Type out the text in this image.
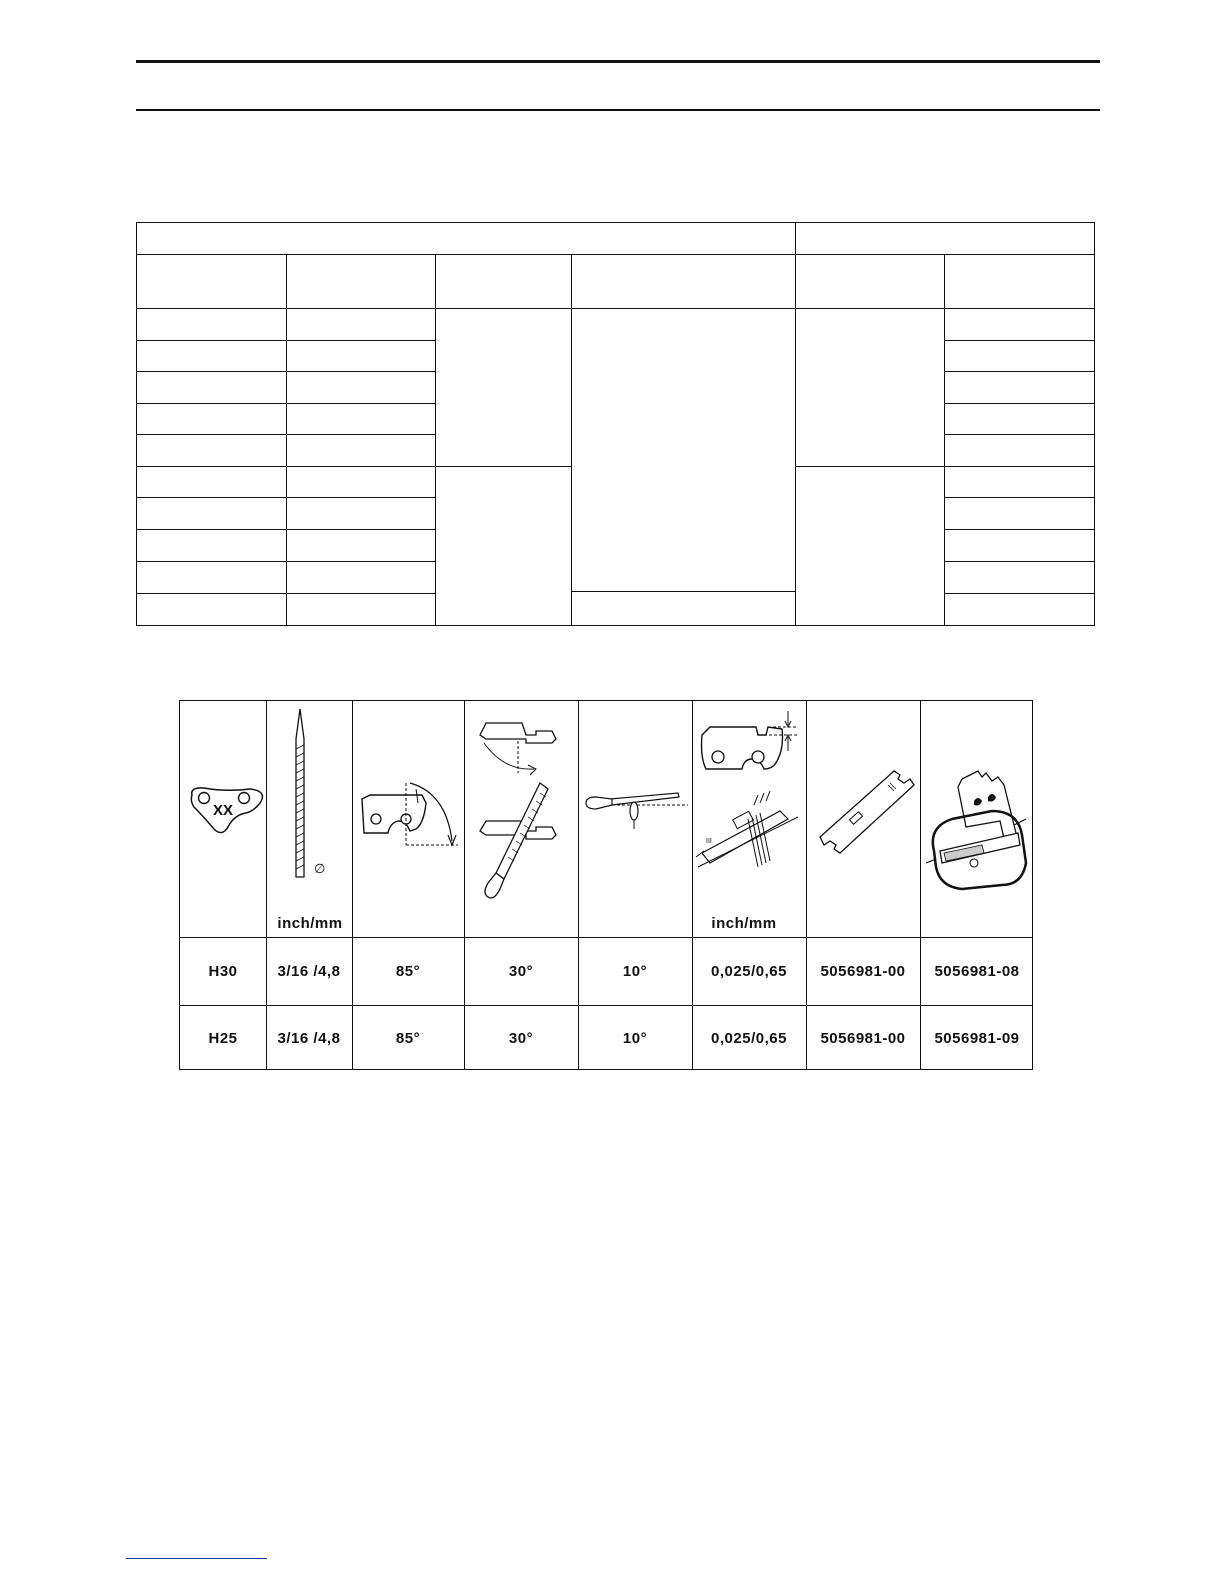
XX
∅
inch/mm
III
inch/mm
H30	3/16 /4,8	85°	30°	10°	0,025/0,65	5056981-00	5056981-08
H25	3/16 /4,8	85°	30°	10°	0,025/0,65	5056981-00	5056981-09
